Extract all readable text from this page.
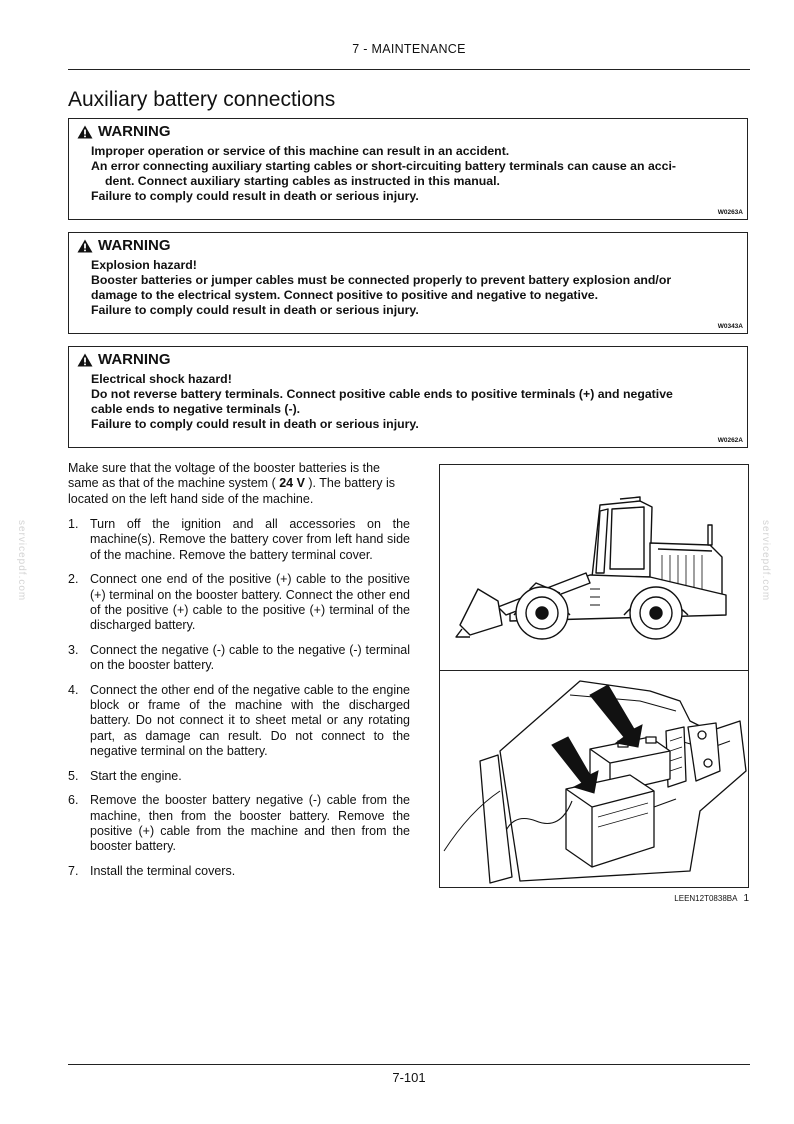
7 - MAINTENANCE
Auxiliary battery connections
WARNING
Improper operation or service of this machine can result in an accident.
An error connecting auxiliary starting cables or short-circuiting battery terminals can cause an acci-
dent. Connect auxiliary starting cables as instructed in this manual.
Failure to comply could result in death or serious injury.
W0263A
WARNING
Explosion hazard!
Booster batteries or jumper cables must be connected properly to prevent battery explosion and/or
damage to the electrical system. Connect positive to positive and negative to negative.
Failure to comply could result in death or serious injury.
W0343A
WARNING
Electrical shock hazard!
Do not reverse battery terminals. Connect positive cable ends to positive terminals (+) and negative
cable ends to negative terminals (-).
Failure to comply could result in death or serious injury.
W0262A

Make sure that the voltage of the booster batteries is the same as that of the machine system ( 24 V ). The battery is located on the left hand side of the machine.

1. Turn off the ignition and all accessories on the machine(s). Remove the battery cover from left hand side of the machine. Remove the battery terminal cover.
2. Connect one end of the positive (+) cable to the positive (+) terminal on the booster battery. Connect the other end of the positive (+) cable to the positive (+) terminal of the discharged battery.
3. Connect the negative (-) cable to the negative (-) terminal on the booster battery.
4. Connect the other end of the negative cable to the engine block or frame of the machine with the discharged battery. Do not connect it to sheet metal or any rotating part, as damage can result. Do not connect to the negative terminal on the battery.
5. Start the engine.
6. Remove the booster battery negative (-) cable from the machine, then from the booster battery. Remove the positive (+) cable from the machine and then from the booster battery.
7. Install the terminal covers.
LEEN12T0838BA 1
servicepdf.com	servicepdf.com
7-101
